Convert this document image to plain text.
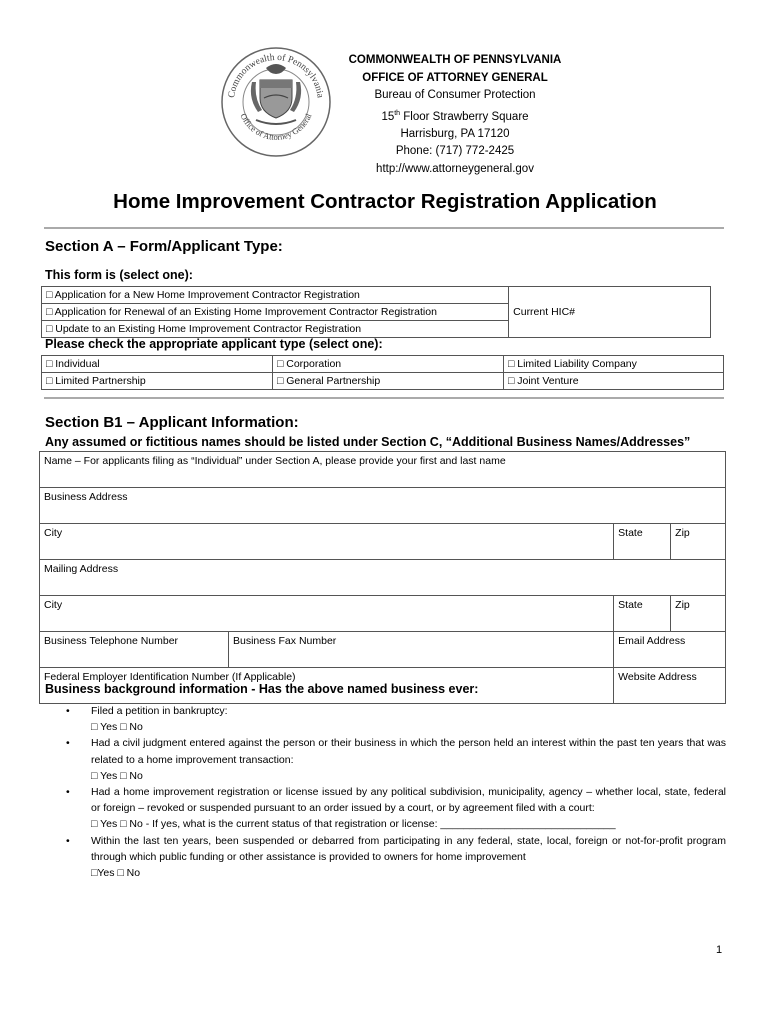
Commonwealth of Pennsylvania
Office of Attorney General
COMMONWEALTH OF PENNSYLVANIA
OFFICE OF ATTORNEY GENERAL
Bureau of Consumer Protection
15th Floor Strawberry Square
Harrisburg, PA 17120
Phone: (717) 772-2425
http://www.attorneygeneral.gov
Home Improvement Contractor Registration Application
Section A – Form/Applicant Type:
This form is (select one):
□ Application for a New Home Improvement Contractor Registration	Current HIC#
□ Application for Renewal of an Existing Home Improvement Contractor Registration
□ Update to an Existing Home Improvement Contractor Registration
Please check the appropriate applicant type (select one):
□ Individual	□ Corporation	□ Limited Liability Company
□ Limited Partnership	□ General Partnership	□ Joint Venture
Section B1 – Applicant Information:
Any assumed or fictitious names should be listed under Section C, “Additional Business Names/Addresses”
Name – For applicants filing as “Individual” under Section A, please provide your first and last name			
Business Address			
City		State	Zip
Mailing Address			
City		State	Zip
Business Telephone Number	Business Fax Number	Email Address	
Federal Employer Identification Number (If Applicable)		Website Address	
Business background information - Has the above named business ever:
• Filed a petition in bankruptcy:
□ Yes □ No
• Had a civil judgment entered against the person or their business in which the person held an interest within the past ten years that was related to a home improvement transaction:
□ Yes □ No
• Had a home improvement registration or license issued by any political subdivision, municipality, agency – whether local, state, federal or foreign – revoked or suspended pursuant to an order issued by a court, or by agreement filed with a court:
□ Yes □ No - If yes, what is the current status of that registration or license: ______________________________
• Within the last ten years, been suspended or debarred from participating in any federal, state, local, foreign or not-for-profit program through which public funding or other assistance is provided to owners for home improvement
□Yes □ No
1
